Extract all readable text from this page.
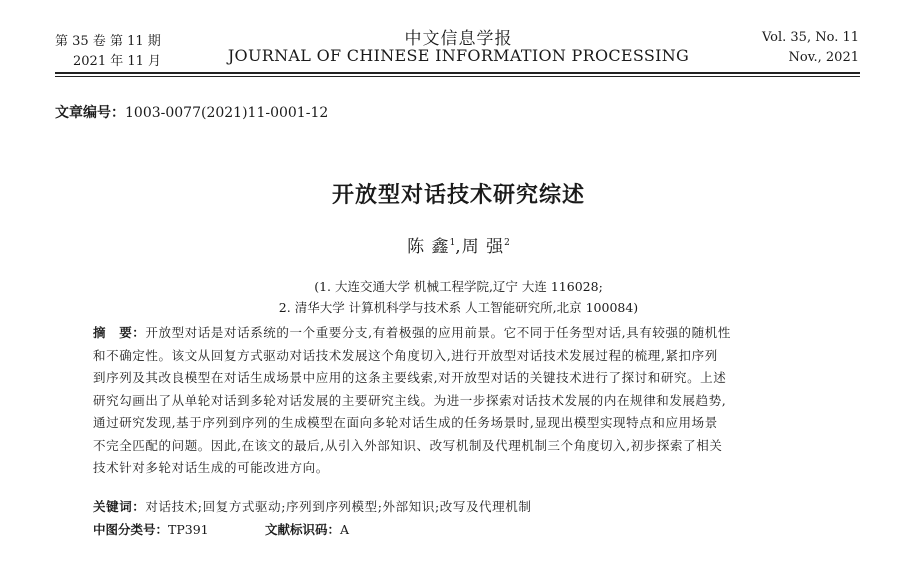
第 35 卷 第 11 期
2021 年 11 月
中文信息学报
JOURNAL OF CHINESE INFORMATION PROCESSING
Vol. 35, No. 11
Nov., 2021
文章编号：1003-0077(2021)11-0001-12
开放型对话技术研究综述
陈 鑫$^1$,周 强$^2$
(1. 大连交通大学 机械工程学院,辽宁 大连 116028;
2. 清华大学 计算机科学与技术系 人工智能研究所,北京 100084)
摘　要：开放型对话是对话系统的一个重要分支,有着极强的应用前景。它不同于任务型对话,具有较强的随机性
和不确定性。该文从回复方式驱动对话技术发展这个角度切入,进行开放型对话技术发展过程的梳理,紧扣序列
到序列及其改良模型在对话生成场景中应用的这条主要线索,对开放型对话的关键技术进行了探讨和研究。上述
研究勾画出了从单轮对话到多轮对话发展的主要研究主线。为进一步探索对话技术发展的内在规律和发展趋势,
通过研究发现,基于序列到序列的生成模型在面向多轮对话生成的任务场景时,显现出模型实现特点和应用场景
不完全匹配的问题。因此,在该文的最后,从引入外部知识、改写机制及代理机制三个角度切入,初步探索了相关
技术针对多轮对话生成的可能改进方向。
关键词：对话技术;回复方式驱动;序列到序列模型;外部知识;改写及代理机制
中图分类号：TP391	文献标识码：A
